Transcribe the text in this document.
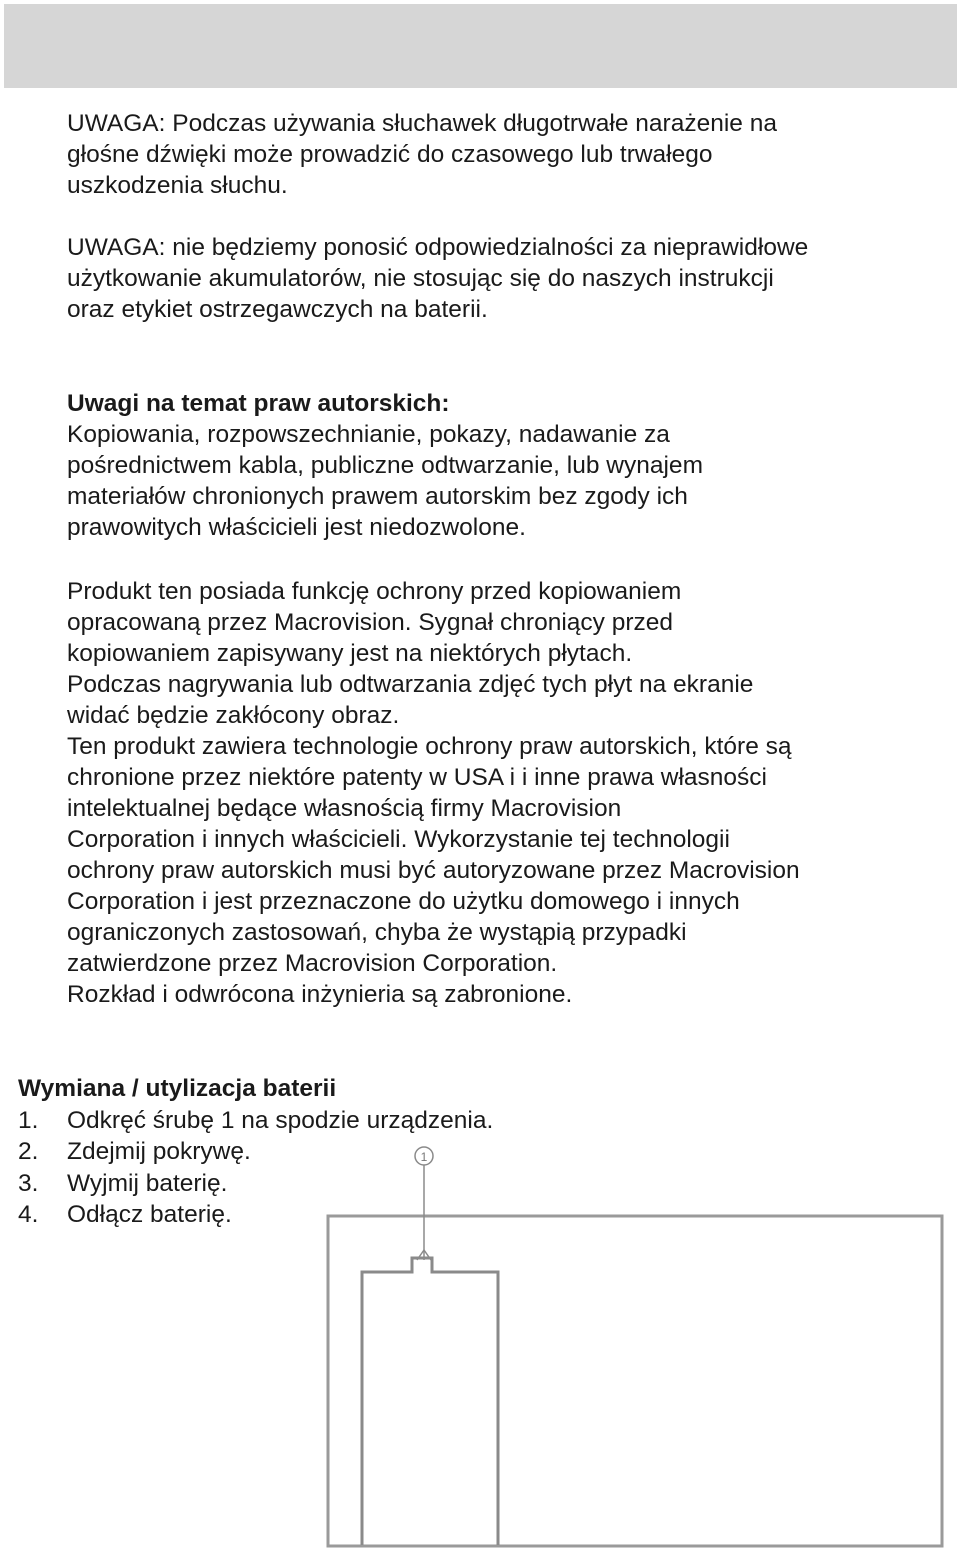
UWAGA: Podczas używania słuchawek długotrwałe narażenie na

głośne dźwięki może prowadzić do czasowego lub trwałego

uszkodzenia słuchu.

UWAGA: nie będziemy ponosić odpowiedzialności za nieprawidłowe

użytkowanie akumulatorów, nie stosując się do naszych instrukcji

oraz etykiet ostrzegawczych na baterii.

Uwagi na temat praw autorskich:

Kopiowania, rozpowszechnianie, pokazy, nadawanie za

pośrednictwem kabla, publiczne odtwarzanie, lub wynajem

materiałów chronionych prawem autorskim bez zgody ich

prawowitych właścicieli jest niedozwolone.

Produkt ten posiada funkcję ochrony przed kopiowaniem

opracowaną przez Macrovision. Sygnał chroniący przed

kopiowaniem zapisywany jest na niektórych płytach.

Podczas nagrywania lub odtwarzania zdjęć tych płyt na ekranie

widać będzie zakłócony obraz.

Ten produkt zawiera technologie ochrony praw autorskich, które są

chronione przez niektóre patenty w USA i i inne prawa własności

intelektualnej będące własnością firmy Macrovision

Corporation i innych właścicieli. Wykorzystanie tej technologii

ochrony praw autorskich musi być autoryzowane przez Macrovision

Corporation i jest przeznaczone do użytku domowego i innych

ograniczonych zastosowań, chyba że wystąpią przypadki

zatwierdzone przez Macrovision Corporation.

Rozkład i odwrócona inżynieria są zabronione.

Wymiana / utylizacja baterii
1.	Odkręć śrubę 1 na spodzie urządzenia.
2.	Zdejmij pokrywę.
3.	Wyjmij baterię.
4.	Odłącz baterię.
1
